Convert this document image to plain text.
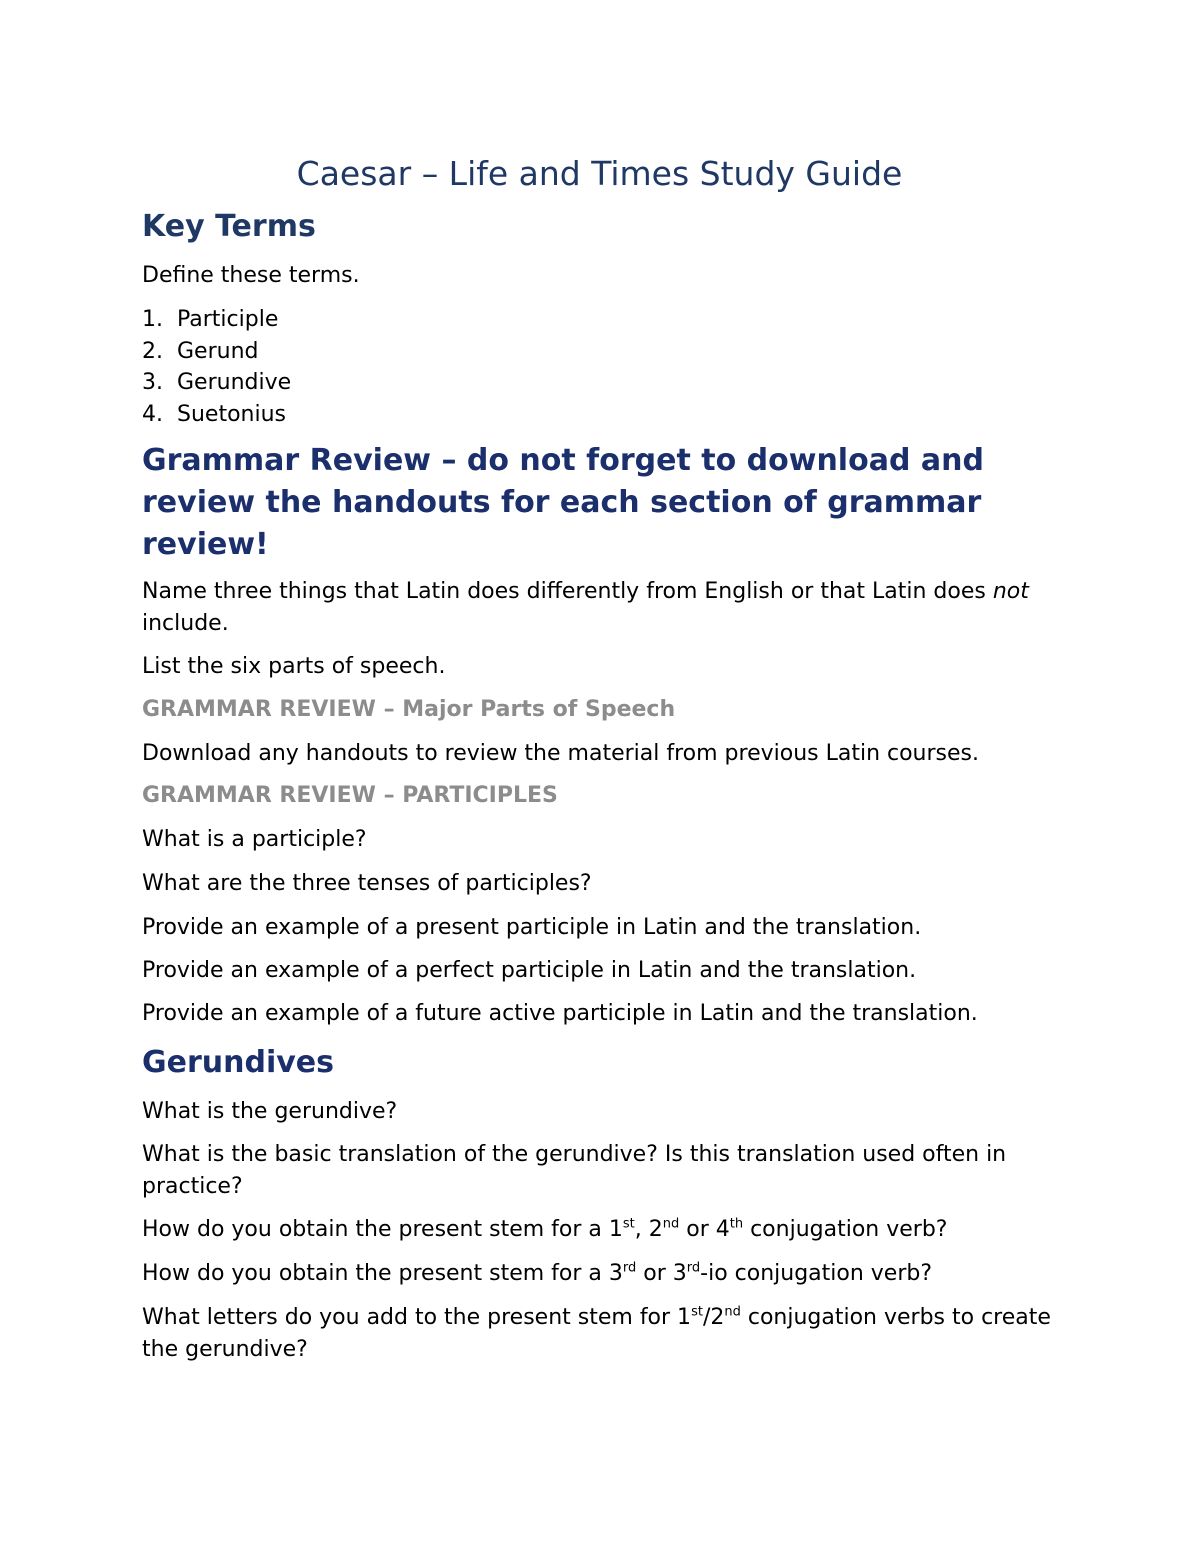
Caesar – Life and Times Study Guide
Key Terms
Define these terms.
1. Participle
2. Gerund
3. Gerundive
4. Suetonius
Grammar Review – do not forget to download and review the handouts for each section of grammar review!
Name three things that Latin does differently from English or that Latin does not include.
List the six parts of speech.
GRAMMAR REVIEW – Major Parts of Speech
Download any handouts to review the material from previous Latin courses.
GRAMMAR REVIEW – PARTICIPLES
What is a participle?
What are the three tenses of participles?
Provide an example of a present participle in Latin and the translation.
Provide an example of a perfect participle in Latin and the translation.
Provide an example of a future active participle in Latin and the translation.
Gerundives
What is the gerundive?
What is the basic translation of the gerundive? Is this translation used often in practice?
How do you obtain the present stem for a 1st, 2nd or 4th conjugation verb?
How do you obtain the present stem for a 3rd or 3rd-io conjugation verb?
What letters do you add to the present stem for 1st/2nd conjugation verbs to create the gerundive?
